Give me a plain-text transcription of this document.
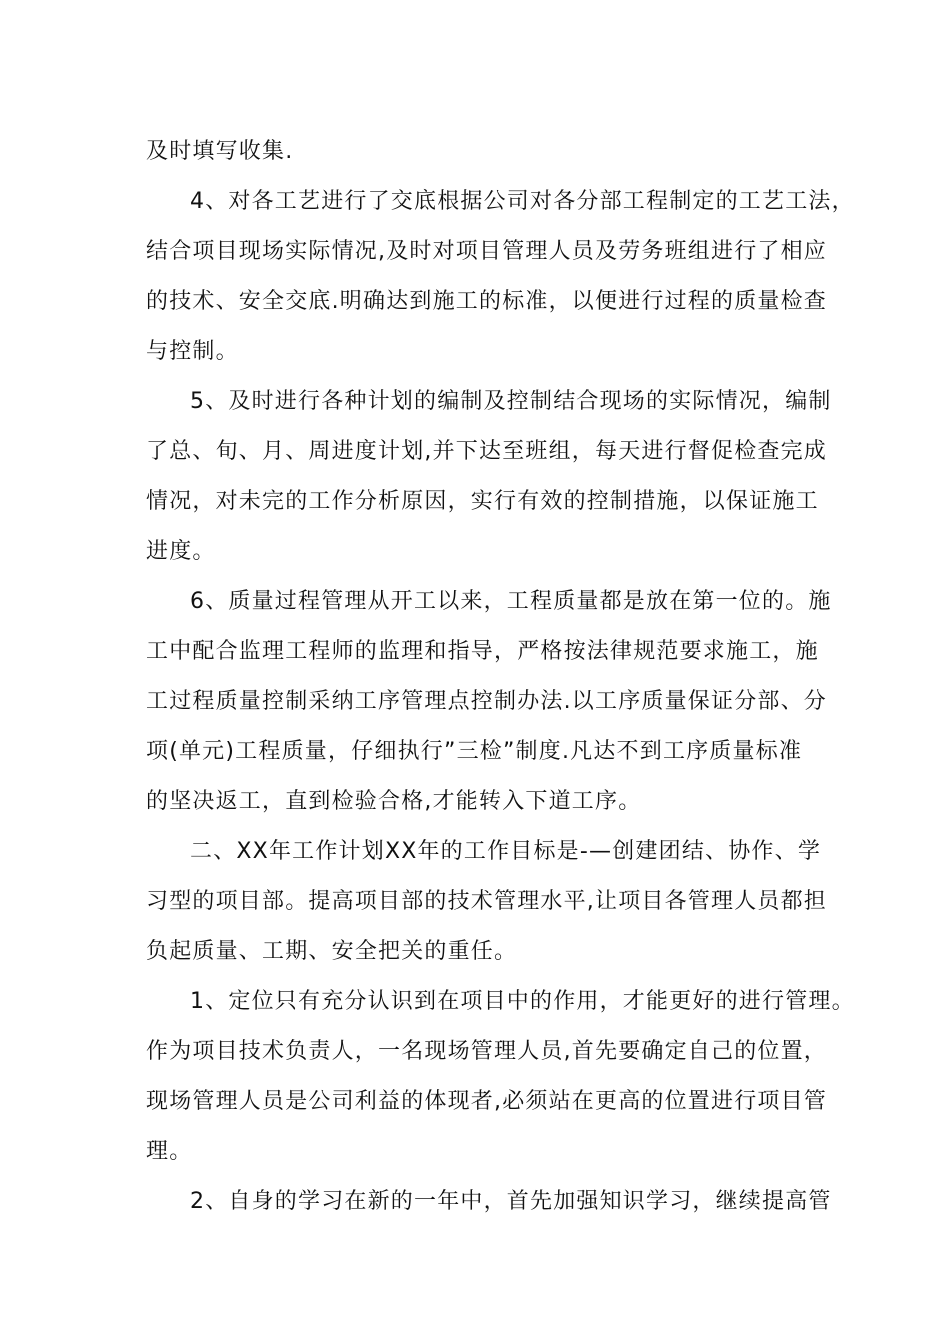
及时填写收集.
4、对各工艺进行了交底根据公司对各分部工程制定的工艺工法，
结合项目现场实际情况,及时对项目管理人员及劳务班组进行了相应
的技术、安全交底.明确达到施工的标准，以便进行过程的质量检查
与控制。
5、及时进行各种计划的编制及控制结合现场的实际情况，编制
了总、旬、月、周进度计划,并下达至班组，每天进行督促检查完成
情况，对未完的工作分析原因，实行有效的控制措施，以保证施工
进度。
6、质量过程管理从开工以来，工程质量都是放在第一位的。施
工中配合监理工程师的监理和指导，严格按法律规范要求施工，施
工过程质量控制采纳工序管理点控制办法.以工序质量保证分部、分
项(单元)工程质量，仔细执行”三检”制度.凡达不到工序质量标准
的坚决返工，直到检验合格,才能转入下道工序。
二、XX年工作计划XX年的工作目标是-—创建团结、协作、学
习型的项目部。提高项目部的技术管理水平,让项目各管理人员都担
负起质量、工期、安全把关的重任。
1、定位只有充分认识到在项目中的作用，才能更好的进行管理。
作为项目技术负责人，一名现场管理人员,首先要确定自己的位置，
现场管理人员是公司利益的体现者,必须站在更高的位置进行项目管
理。
2、自身的学习在新的一年中，首先加强知识学习，继续提高管
